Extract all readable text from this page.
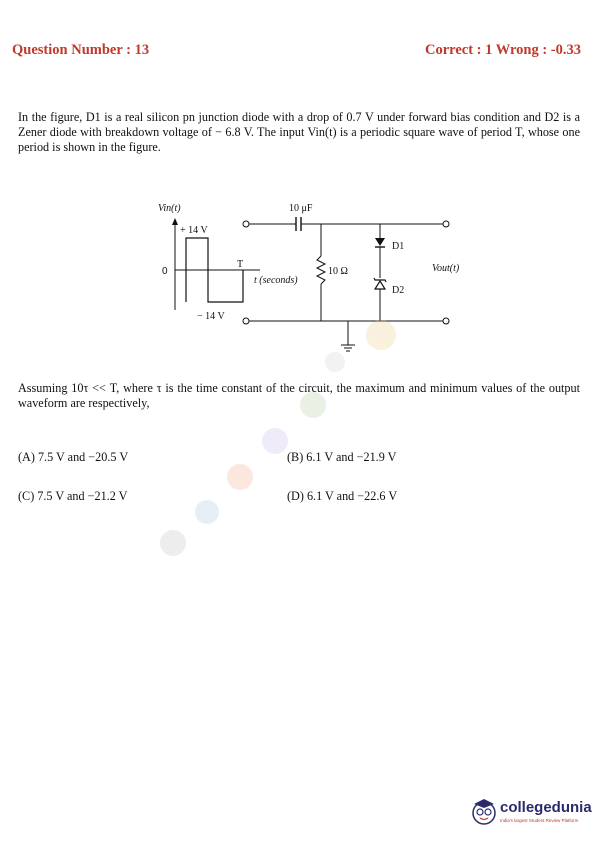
Question Number : 13	Correct : 1 Wrong : -0.33
In the figure, D1 is a real silicon pn junction diode with a drop of 0.7 V under forward bias condition and D2 is a Zener diode with breakdown voltage of − 6.8 V. The input Vin(t) is a periodic square wave of period T, whose one period is shown in the figure.
Vin(t)
+ 14 V
0
T
t (seconds)
− 14 V
10 μF
10 Ω
D1
D2
Vout(t)
Assuming 10τ << T, where τ is the time constant of the circuit, the maximum and minimum values of the output waveform are respectively,
(A) 7.5 V and −20.5 V	(B) 6.1 V and −21.9 V
(C) 7.5 V and −21.2 V	(D) 6.1 V and −22.6 V
collegedunia
India's largest Student Review Platform
